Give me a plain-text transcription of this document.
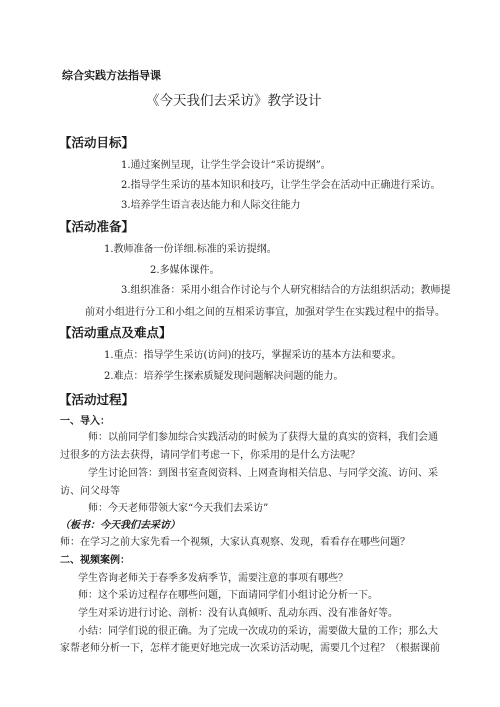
综合实践方法指导课
《今天我们去采访》教学设计
【活动目标】
1.通过案例呈现，让学生学会设计“采访提纲”。
2.指导学生采访的基本知识和技巧，让学生学会在活动中正确进行采访。
3.培养学生语言表达能力和人际交往能力
【活动准备】
1.教师准备一份详细.标准的采访提纲。
2.多媒体课件。
3.组织准备：采用小组合作讨论与个人研究相结合的方法组织活动；教师提
前对小组进行分工和小组之间的互相采访事宜，加强对学生在实践过程中的指导。
【活动重点及难点】
1.重点：指导学生采访(访问)的技巧，掌握采访的基本方法和要求。
2.难点：培养学生探索质疑发现问题解决问题的能力。
【活动过程】
一、导入：
师：以前同学们参加综合实践活动的时候为了获得大量的真实的资料，我们会通
过很多的方法去获得，请同学们考虑一下，你采用的是什么方法呢？
学生讨论回答：到图书室查阅资料、上网查询相关信息、与同学交流、访问、采
访、问父母等
师：今天老师带领大家“今天我们去采访”
（板书：今天我们去采访）
师：在学习之前大家先看一个视频，大家认真观察、发现，看看存在哪些问题？
二、视频案例：
学生咨询老师关于春季多发病季节，需要注意的事项有哪些？
师：这个采访过程存在哪些问题，下面请同学们小组讨论分析一下。
学生对采访进行讨论、剖析：没有认真倾听、乱动东西、没有准备好等。
小结：同学们说的很正确。为了完成一次成功的采访，需要做大量的工作；那么大
家帮老师分析一下，怎样才能更好地完成一次采访活动呢，需要几个过程？（根据课前
